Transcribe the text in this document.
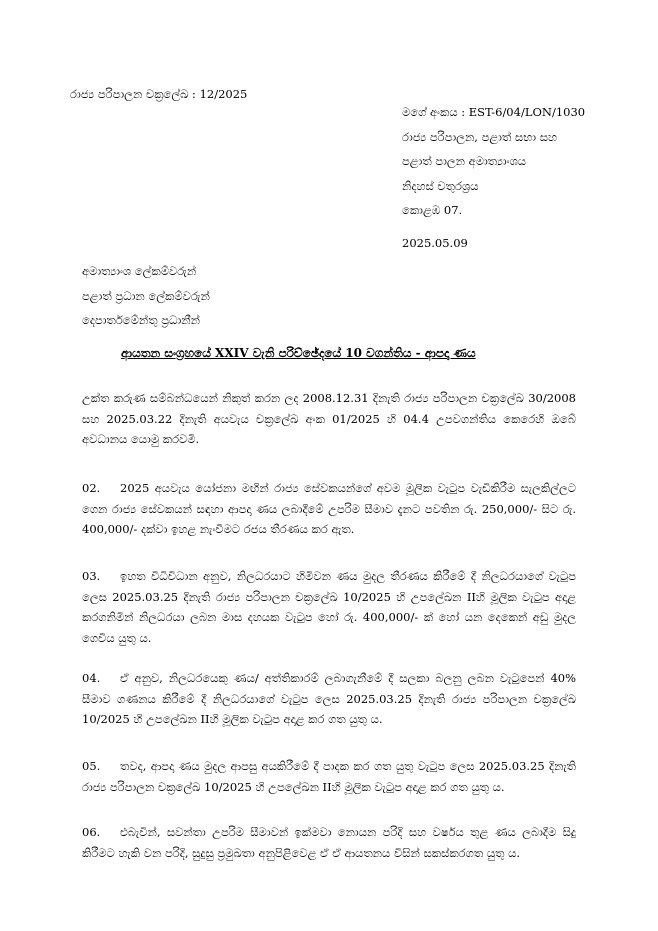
රාජ්‍ය පරිපාලන චක්‍රලේඛ : 12/2025
මගේ අංකය : EST-6/04/LON/1030
රාජ්‍ය පරිපාලන, පළාත් සභා සහ
පළාත් පාලන අමාත්‍යාංශය
නිදහස් චතුරශ්‍රය
කොළඹ 07.
2025.05.09
අමාත්‍යාංශ ලේකම්වරුන්
පළාත් ප්‍රධාන ලේකම්වරුන්
දෙපාර්තමේන්තු ප්‍රධානීන්
ආයතන සංග්‍රහයේ XXIV වැනි පරිච්ඡේදයේ 10 වගන්තිය - ආපදා ණය
උක්ත කරුණ සම්බන්ධයෙන් නිකුත් කරන ලද 2008.12.31 දිනැති රාජ්‍ය පරිපාලන චක්‍රලේඛ 30/2008 සහ 2025.03.22 දිනැති අයවැය චක්‍රලේඛ අංක 01/2025 හි 04.4 උපවගන්තිය කෙරෙහි ඔබේ අවධානය යොමු කරවමි.
02. 2025 අයවැය යෝජනා මඟින් රාජ්‍ය සේවකයන්ගේ අවම මූලික වැටුප වැඩිකිරීම සැලකිල්ලට ගෙන රාජ්‍ය සේවකයන් සඳහා ආපදා ණය ලබාදීමේ උපරිම සීමාව දැනට පවතින රු. 250,000/- සිට රු. 400,000/- දක්වා ඉහළ නැංවීමට රජය තීරණය කර ඇත.
03. ඉහත විධිවිධාන අනුව, නිලධරයාට හිමිවන ණය මුදල තීරණය කිරීමේ දී නිලධරයාගේ වැටුප ලෙස 2025.03.25 දිනැති රාජ්‍ය පරිපාලන චක්‍රලේඛ 10/2025 හි උපලේඛන IIහි මූලික වැටුප අදාළ කරගනිමින් නිලධරයා ලබන මාස දහයක වැටුප හෝ රු. 400,000/- ක් හෝ යන දෙකෙන් අඩු මුදල ගෙවිය යුතු ය.
04. ඒ අනුව, නිලධරයෙකු ණය/ අත්තිකාරම් ලබාගැනීමේ දී සලකා බලනු ලබන වැටුපෙන් 40% සීමාව ගණනය කිරීමේ දී නිලධරයාගේ වැටුප ලෙස 2025.03.25 දිනැති රාජ්‍ය පරිපාලන චක්‍රලේඛ 10/2025 හි උපලේඛන IIහි මූලික වැටුප අදාළ කර ගත යුතු ය.
05. තවද, ආපදා ණය මුදල ආපසු අයකිරීමේ දී පාදක කර ගත යුතු වැටුප ලෙස 2025.03.25 දිනැති රාජ්‍ය පරිපාලන චක්‍රලේඛ 10/2025 හි උපලේඛන IIහි මූලික වැටුප අදාළ කර ගත යුතු ය.
06. එබැවින්, සවන්තා උපරිම සීමාවන් ඉක්මවා නොයන පරිදි සහ වර්ෂය තුළ ණය ලබාදීම සිදු කිරීමට හැකි වන පරිදි, සුදුසු ප්‍රමුඛතා අනුපිළිවෙළ ඒ ඒ ආයතනය විසින් සකස්කරගත යුතු ය.
